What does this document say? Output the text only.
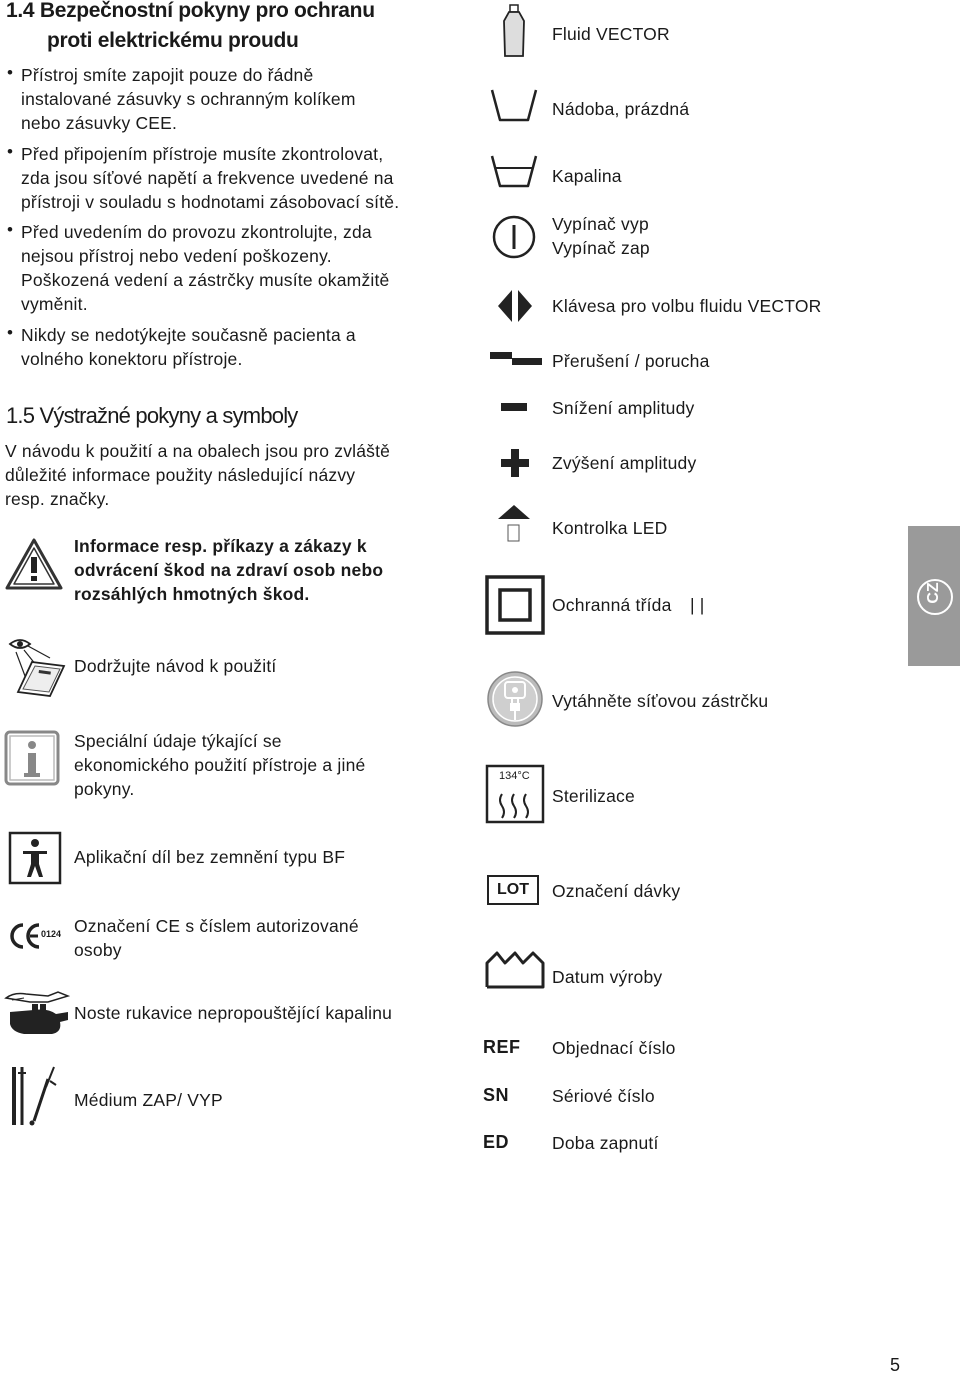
1.4 Bezpečnostní pokyny pro ochranu
proti elektrickému proudu
Přístroj smíte zapojit pouze do řádně
instalované zásuvky s ochranným kolíkem
nebo zásuvky CEE.
•
Před připojením přístroje musíte zkontrolovat,
zda jsou síťové napětí a frekvence uvedené na
přístroji v souladu s hodnotami zásobovací sítě.
•
Před uvedením do provozu zkontrolujte, zda
nejsou přístroj nebo vedení poškozeny.
Poškozená vedení a zástrčky musíte okamžitě
vyměnit.
•
Nikdy se nedotýkejte současně pacienta a
volného konektoru přístroje.
•
1.5 Výstražné pokyny a symboly
V návodu k použití a na obalech jsou pro zvláště
důležité informace použity následující názvy
resp. značky.
Informace resp. příkazy a zákazy k
odvrácení škod na zdraví osob nebo
rozsáhlých hmotných škod.
Dodržujte návod k použití
Speciální údaje týkající se
ekonomického použití přístroje a jiné
pokyny.
Aplikační díl bez zemnění typu BF
0124 Označení CE s číslem autorizované
osoby
Noste rukavice nepropouštějící kapalinu
Médium ZAP/ VYP
Fluid VECTOR
Nádoba, prázdná
Kapalina
Vypínač vyp
Vypínač zap
Klávesa pro volbu fluidu VECTOR
Přerušení / porucha
Snížení amplitudy
Zvýšení amplitudy
Kontrolka LED
Ochranná třída | |
CZ
Vytáhněte síťovou zástrčku
134°C
Sterilizace
LOT	Označení dávky
Datum výroby
REF Objednací číslo
SN Sériové číslo
ED Doba zapnutí
5
